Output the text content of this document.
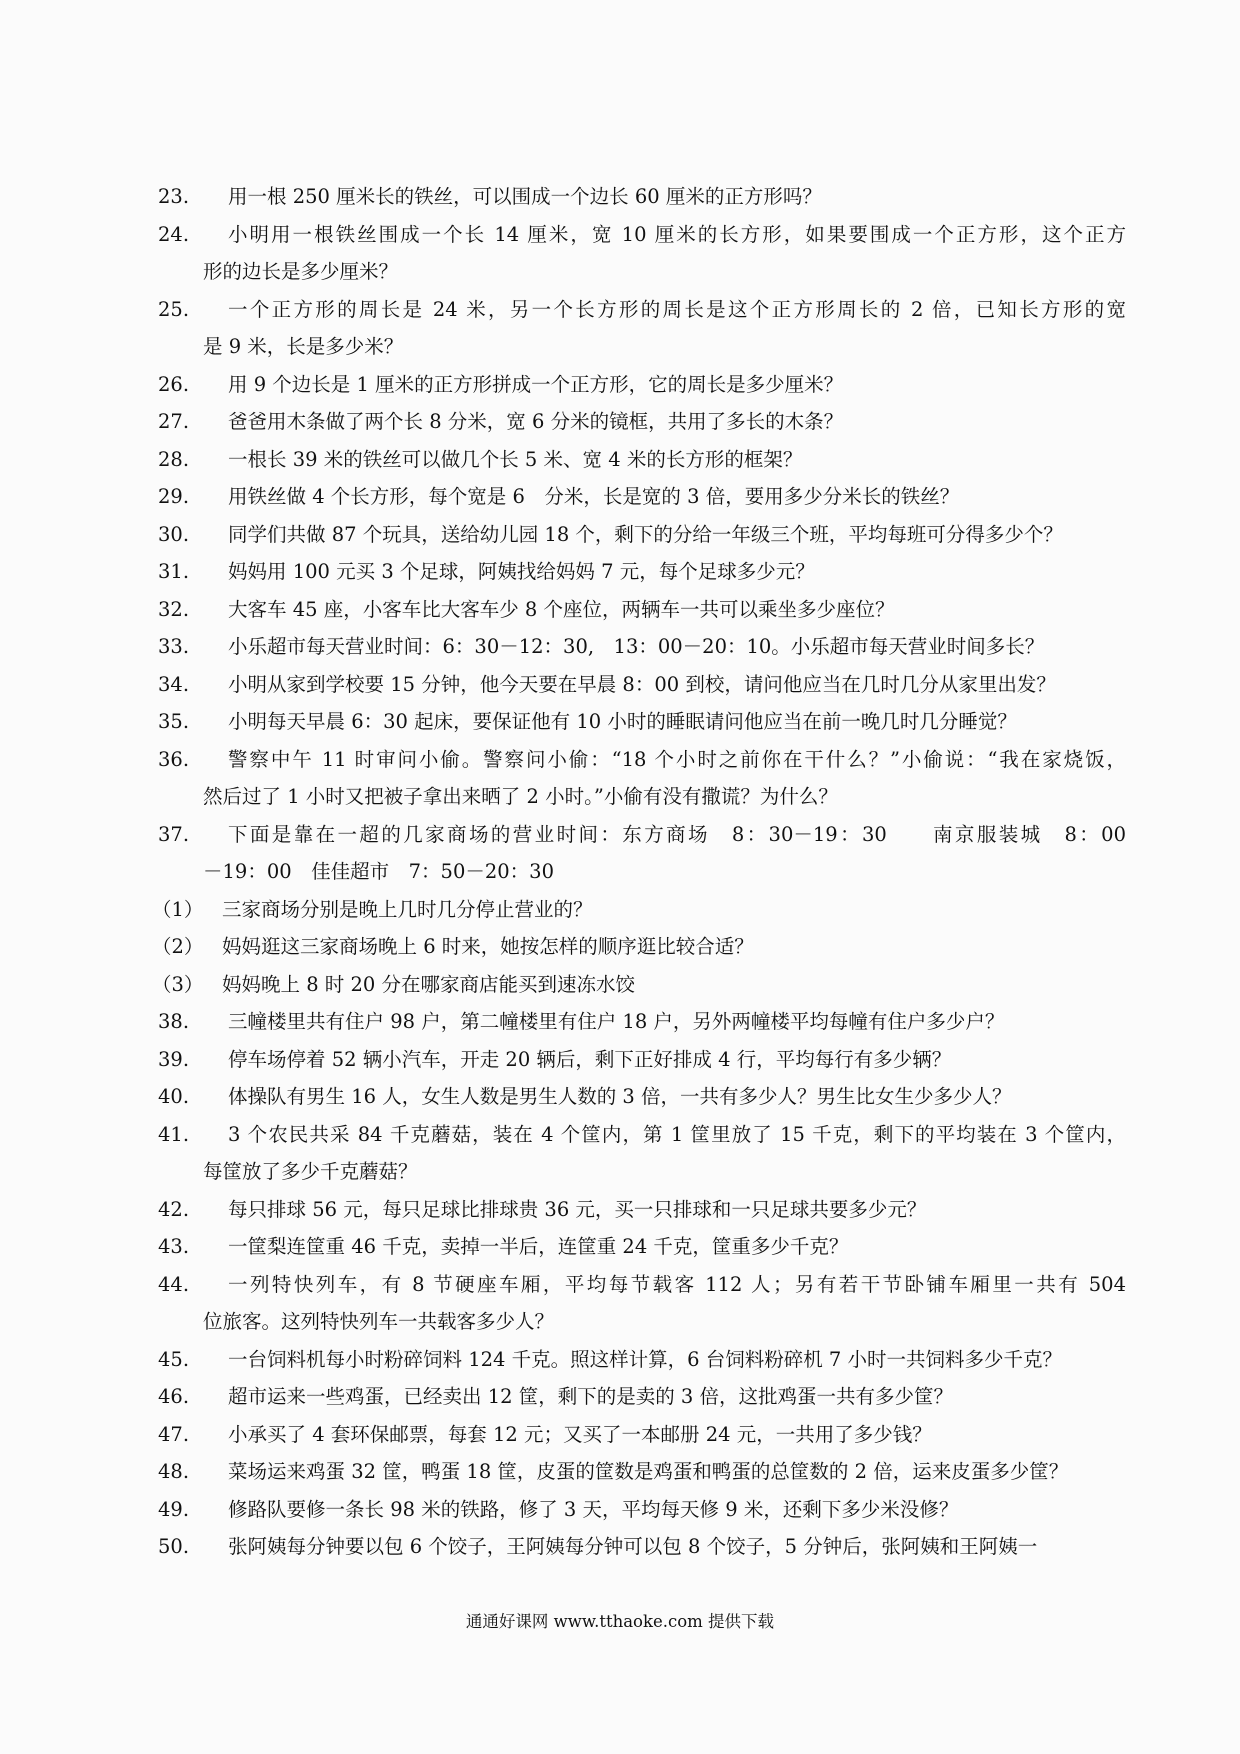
23.	用一根 250 厘米长的铁丝，可以围成一个边长 60 厘米的正方形吗？
24.	小明用一根铁丝围成一个长 14 厘米，宽 10 厘米的长方形，如果要围成一个正方形，这个正方
形的边长是多少厘米？
25.	一个正方形的周长是 24 米，另一个长方形的周长是这个正方形周长的 2 倍，已知长方形的宽
是 9 米，长是多少米？
26.	用 9 个边长是 1 厘米的正方形拼成一个正方形，它的周长是多少厘米？
27.	爸爸用木条做了两个长 8 分米，宽 6 分米的镜框，共用了多长的木条？
28.	一根长 39 米的铁丝可以做几个长 5 米、宽 4 米的长方形的框架？
29.	用铁丝做 4 个长方形，每个宽是 6　分米，长是宽的 3 倍，要用多少分米长的铁丝？
30.	同学们共做 87 个玩具，送给幼儿园 18 个，剩下的分给一年级三个班，平均每班可分得多少个？
31.	妈妈用 100 元买 3 个足球，阿姨找给妈妈 7 元，每个足球多少元？
32.	大客车 45 座，小客车比大客车少 8 个座位，两辆车一共可以乘坐多少座位？
33.	小乐超市每天营业时间：6：30－12：30,　13：00－20：10。小乐超市每天营业时间多长？
34.	小明从家到学校要 15 分钟，他今天要在早晨 8：00 到校，请问他应当在几时几分从家里出发？
35.	小明每天早晨 6：30 起床，要保证他有 10 小时的睡眠请问他应当在前一晚几时几分睡觉？
36.	警察中午 11 时审问小偷。警察问小偷：“18 个小时之前你在干什么？”小偷说：“我在家烧饭，
然后过了 1 小时又把被子拿出来晒了 2 小时。”小偷有没有撒谎？为什么？
37.	下面是靠在一超的几家商场的营业时间：东方商场　8：30－19：30　　南京服装城　8：00
－19：00　佳佳超市　7：50－20：30
（1） 三家商场分别是晚上几时几分停止营业的？
（2） 妈妈逛这三家商场晚上 6 时来，她按怎样的顺序逛比较合适？
（3） 妈妈晚上 8 时 20 分在哪家商店能买到速冻水饺
38.	三幢楼里共有住户 98 户，第二幢楼里有住户 18 户，另外两幢楼平均每幢有住户多少户？
39.	停车场停着 52 辆小汽车，开走 20 辆后，剩下正好排成 4 行，平均每行有多少辆？
40.	体操队有男生 16 人，女生人数是男生人数的 3 倍，一共有多少人？男生比女生少多少人？
41.	3 个农民共采 84 千克蘑菇，装在 4 个筐内，第 1 筐里放了 15 千克，剩下的平均装在 3 个筐内，
每筐放了多少千克蘑菇？
42.	每只排球 56 元，每只足球比排球贵 36 元，买一只排球和一只足球共要多少元？
43.	一筐梨连筐重 46 千克，卖掉一半后，连筐重 24 千克，筐重多少千克？
44.	一列特快列车，有 8 节硬座车厢，平均每节载客 112 人；另有若干节卧铺车厢里一共有 504
位旅客。这列特快列车一共载客多少人？
45.	一台饲料机每小时粉碎饲料 124 千克。照这样计算，6 台饲料粉碎机 7 小时一共饲料多少千克？
46.	超市运来一些鸡蛋，已经卖出 12 筐，剩下的是卖的 3 倍，这批鸡蛋一共有多少筐？
47.	小承买了 4 套环保邮票，每套 12 元；又买了一本邮册 24 元，一共用了多少钱？
48.	菜场运来鸡蛋 32 筐，鸭蛋 18 筐，皮蛋的筐数是鸡蛋和鸭蛋的总筐数的 2 倍，运来皮蛋多少筐？
49.	修路队要修一条长 98 米的铁路，修了 3 天，平均每天修 9 米，还剩下多少米没修？
50.	张阿姨每分钟要以包 6 个饺子，王阿姨每分钟可以包 8 个饺子，5 分钟后，张阿姨和王阿姨一
通通好课网 www.tthaoke.com 提供下载
